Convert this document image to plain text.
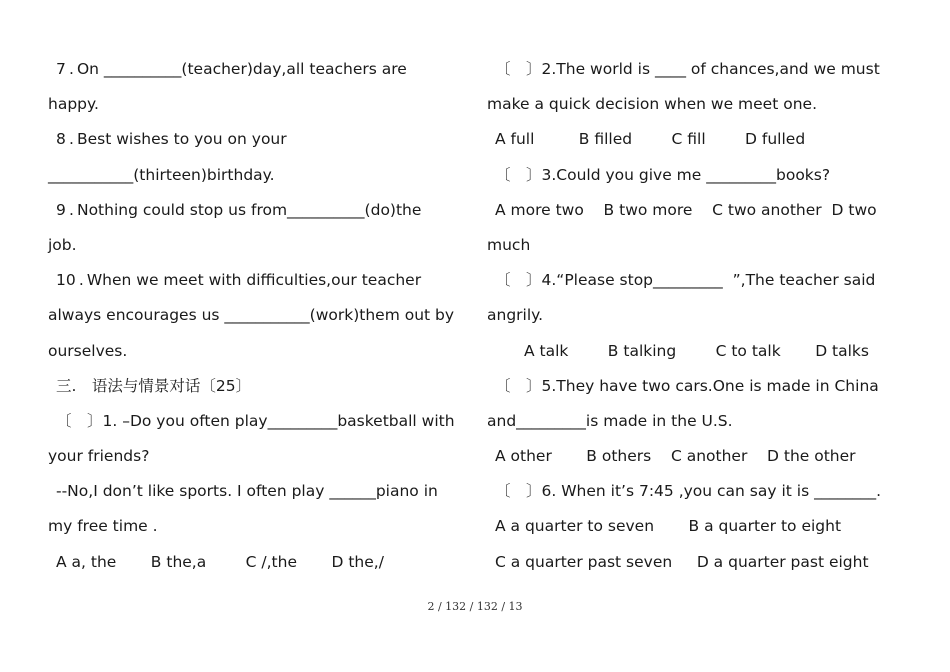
7 . On __________(teacher)day,all teachers are
happy.
8 . Best wishes to you on your
___________(thirteen)birthday.
9 . Nothing could stop us from__________(do)the
job.
10 . When we meet with difficulties,our teacher
always encourages us ___________(work)them out by
ourselves.
三. 语法与情景对话〔25〕
〔 〕1. –Do you often play_________basketball with
your friends?
--No,I don’t like sports. I often play ______piano in
my free time .
A a, the       B the,a        C /,the       D the,/
〔 〕2.The world is ____ of chances,and we must
make a quick decision when we meet one.
A full         B filled        C fill        D fulled
〔 〕3.Could you give me _________books?
A more two    B two more    C two another  D two
much
〔 〕4.“Please stop_________  ”,The teacher said
angrily.
A talk        B talking        C to talk       D talks
〔 〕5.They have two cars.One is made in China
and_________is made in the U.S.
A other       B others    C another    D the other
〔 〕6. When it’s 7:45 ,you can say it is ________.
A a quarter to seven       B a quarter to eight
C a quarter past seven     D a quarter past eight
2 / 132 / 132 / 13
